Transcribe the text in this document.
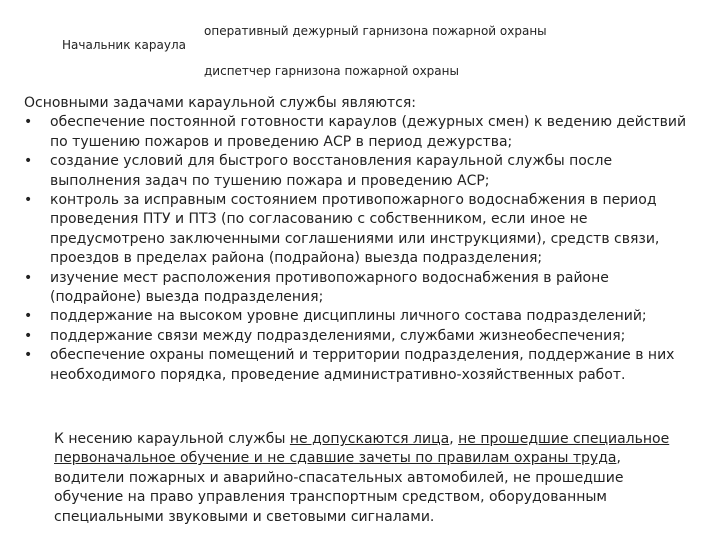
Начальник караула
оперативный дежурный гарнизона пожарной охраны
диспетчер гарнизона пожарной охраны

Основными задачами караульной службы являются:

•	обеспечение постоянной готовности караулов (дежурных смен) к ведению действий по тушению пожаров и проведению АСР в период дежурства;
•	создание условий для быстрого восстановления караульной службы после выполнения задач по тушению пожара и проведению АСР;
•	контроль за исправным состоянием противопожарного водоснабжения в период проведения ПТУ и ПТЗ (по согласованию с собственником, если иное не предусмотрено заключенными соглашениями или инструкциями), средств связи, проездов в пределах района (подрайона) выезда подразделения;
•	изучение мест расположения противопожарного водоснабжения в районе (подрайоне) выезда подразделения;
•	поддержание на высоком уровне дисциплины личного состава подразделений;
•	поддержание связи между подразделениями, службами жизнеобеспечения;
•	обеспечение охраны помещений и территории подразделения, поддержание в них необходимого порядка, проведение административно-хозяйственных работ.
К несению караульной службы не допускаются лица, не прошедшие специальное первоначальное обучение и не сдавшие зачеты по правилам охраны труда, водители пожарных и аварийно-спасательных автомобилей, не прошедшие обучение на право управления транспортным средством, оборудованным специальными звуковыми и световыми сигналами.
